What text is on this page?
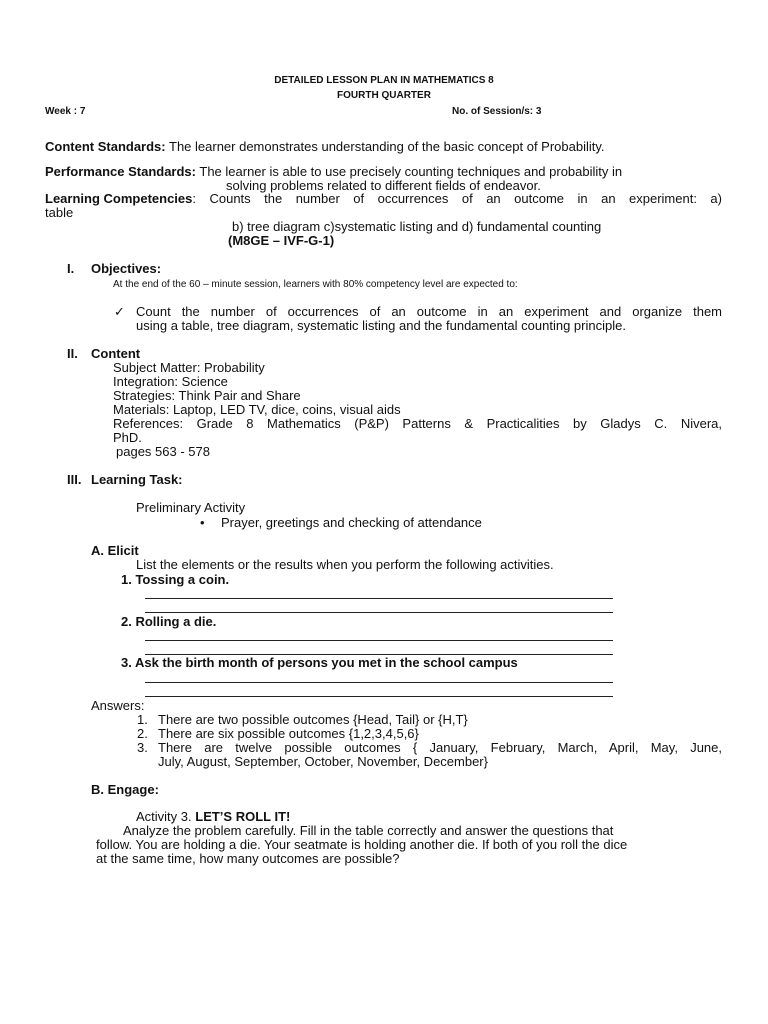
DETAILED LESSON PLAN IN MATHEMATICS 8
FOURTH QUARTER
Week : 7	No. of Session/s: 3
Content Standards: The learner demonstrates understanding of the basic concept of Probability.
Performance Standards: The learner is able to use precisely counting techniques and probability in
solving problems related to different fields of endeavor.
Learning Competencies : Counts the number of occurrences of an outcome in an experiment: a)
table
b) tree diagram c)systematic listing and d) fundamental counting
(M8GE – IVF-G-1)
I. Objectives:
At the end of the 60 – minute session, learners with 80% competency level are expected to:
✓ Count the number of occurrences of an outcome in an experiment and organize them
using a table, tree diagram, systematic listing and the fundamental counting principle.
II. Content
Subject Matter: Probability
Integration: Science
Strategies: Think Pair and Share
Materials: Laptop, LED TV, dice, coins, visual aids
References: Grade 8 Mathematics (P&P) Patterns & Practicalities by Gladys C. Nivera,
PhD.
pages 563 - 578
III. Learning Task:
Preliminary Activity
• Prayer, greetings and checking of attendance
A. Elicit
List the elements or the results when you perform the following activities.
1. Tossing a coin.
2. Rolling a die.
3. Ask the birth month of persons you met in the school campus
Answers:
1. There are two possible outcomes {Head, Tail} or {H,T}
2. There are six possible outcomes {1,2,3,4,5,6}
3. There are twelve possible outcomes { January, February, March, April, May, June,
July, August, September, October, November, December}
B. Engage:
Activity 3. LET’S ROLL IT!
Analyze the problem carefully. Fill in the table correctly and answer the questions that
follow. You are holding a die. Your seatmate is holding another die. If both of you roll the dice
at the same time, how many outcomes are possible?
